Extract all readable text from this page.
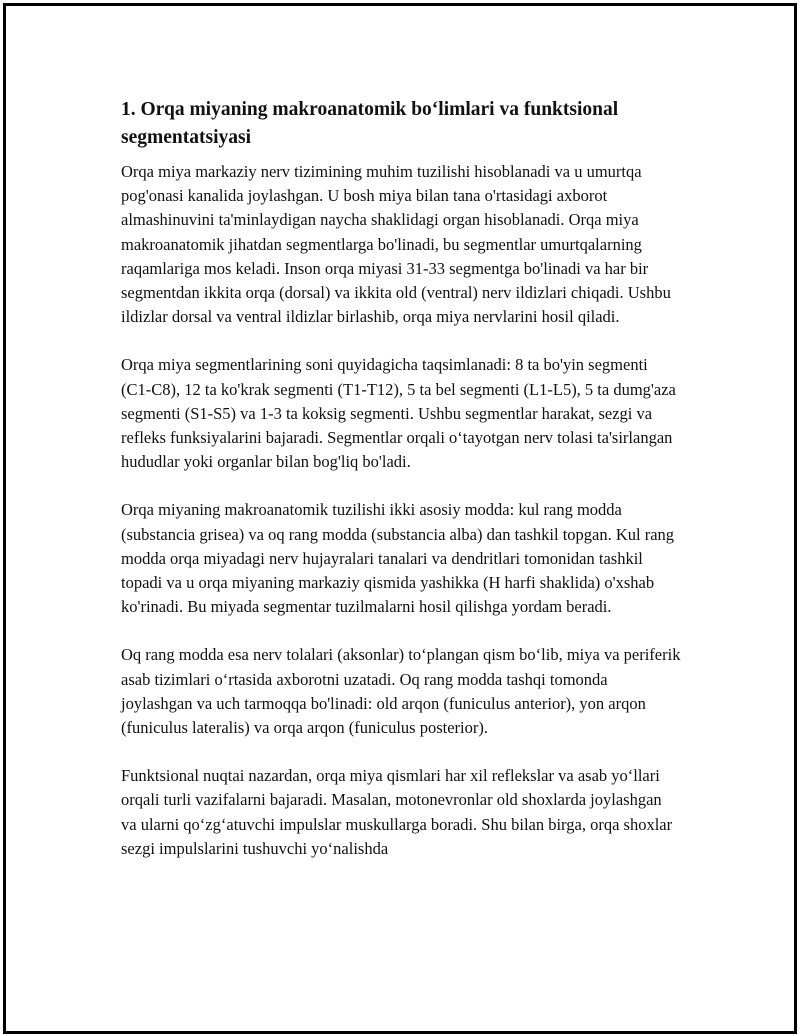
1. Orqa miyaning makroanatomik bo‘limlari va funktsional segmentatsiyasi

Orqa miya markaziy nerv tizimining muhim tuzilishi hisoblanadi va u umurtqa pog'onasi kanalida joylashgan. U bosh miya bilan tana o'rtasidagi axborot almashinuvini ta'minlaydigan naycha shaklidagi organ hisoblanadi. Orqa miya makroanatomik jihatdan segmentlarga bo'linadi, bu segmentlar umurtqalarning raqamlariga mos keladi. Inson orqa miyasi 31-33 segmentga bo'linadi va har bir segmentdan ikkita orqa (dorsal) va ikkita old (ventral) nerv ildizlari chiqadi. Ushbu ildizlar dorsal va ventral ildizlar birlashib, orqa miya nervlarini hosil qiladi.

Orqa miya segmentlarining soni quyidagicha taqsimlanadi: 8 ta bo'yin segmenti (C1-C8), 12 ta ko'krak segmenti (T1-T12), 5 ta bel segmenti (L1-L5), 5 ta dumg'aza segmenti (S1-S5) va 1-3 ta koksig segmenti. Ushbu segmentlar harakat, sezgi va refleks funksiyalarini bajaradi. Segmentlar orqali o‘tayotgan nerv tolasi ta'sirlangan hududlar yoki organlar bilan bog'liq bo'ladi.

Orqa miyaning makroanatomik tuzilishi ikki asosiy modda: kul rang modda (substancia grisea) va oq rang modda (substancia alba) dan tashkil topgan. Kul rang modda orqa miyadagi nerv hujayralari tanalari va dendritlari tomonidan tashkil topadi va u orqa miyaning markaziy qismida yashikka (H harfi shaklida) o'xshab ko'rinadi. Bu miyada segmentar tuzilmalarni hosil qilishga yordam beradi.

Oq rang modda esa nerv tolalari (aksonlar) to‘plangan qism bo‘lib, miya va periferik asab tizimlari o‘rtasida axborotni uzatadi. Oq rang modda tashqi tomonda joylashgan va uch tarmoqqa bo'linadi: old arqon (funiculus anterior), yon arqon (funiculus lateralis) va orqa arqon (funiculus posterior).

Funktsional nuqtai nazardan, orqa miya qismlari har xil reflekslar va asab yo‘llari orqali turli vazifalarni bajaradi. Masalan, motonevronlar old shoxlarda joylashgan va ularni qo‘zg‘atuvchi impulslar muskullarga boradi. Shu bilan birga, orqa shoxlar sezgi impulslarini tushuvchi yo‘nalishda
